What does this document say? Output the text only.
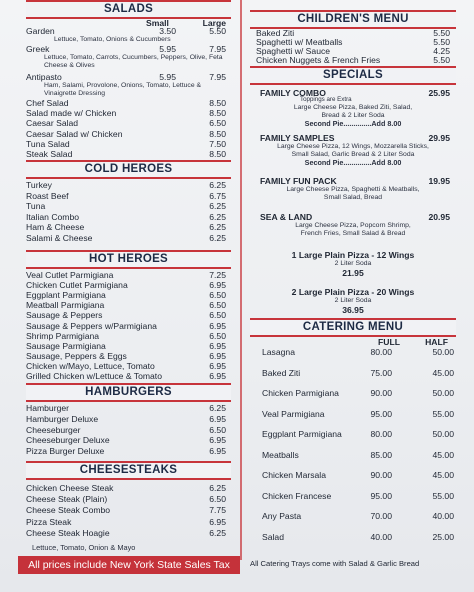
SALADS
Small	Large
Garden	3.50	5.50
Lettuce, Tomato, Onions & Cucumbers
Greek	5.95	7.95
Lettuce, Tomato, Carrots, Cucumbers, Peppers, Olive, Feta Cheese & Olives
Antipasto	5.95	7.95
Ham, Salami, Provolone, Onions, Tomato, Lettuce & Vinaigrette Dressing
Chef Salad	8.50
Salad made w/ Chicken	8.50
Caesar Salad	6.50
Caesar Salad w/ Chicken	8.50
Tuna Salad	7.50
Steak Salad	8.50
COLD HEROES
Turkey	6.25
Roast Beef	6.75
Tuna	6.25
Italian Combo	6.25
Ham & Cheese	6.25
Salami & Cheese	6.25
HOT HEROES
Veal Cutlet Parmigiana	7.25
Chicken Cutlet Parmigiana	6.95
Eggplant Parmigiana	6.50
Meatball Parmigiana	6.50
Sausage & Peppers	6.50
Sausage & Peppers w/Parmigiana	6.95
Shrimp Parmigiana	6.50
Sausage Parmigiana	6.95
Sausage, Peppers & Eggs	6.95
Chicken w/Mayo, Lettuce, Tomato	6.95
Grilled Chicken w/Lettuce & Tomato	6.95
HAMBURGERS
Hamburger	6.25
Hamburger Deluxe	6.95
Cheeseburger	6.50
Cheeseburger Deluxe	6.95
Pizza Burger Deluxe	6.95
CHEESESTEAKS
Chicken Cheese Steak	6.25
Cheese Steak (Plain)	6.50
Cheese Steak Combo	7.75
Pizza Steak	6.95
Cheese Steak Hoagie	6.25
Lettuce, Tomato, Onion & Mayo
All prices include New York State Sales Tax
CHILDREN'S MENU
Baked Ziti	5.50
Spaghetti w/ Meatballs	5.50
Spaghetti w/ Sauce	4.25
Chicken Nuggets & French Fries	5.50
SPECIALS
FAMILY COMBO	25.95
Toppings are Extra
Large Cheese Pizza, Baked Ziti, Salad,
Bread & 2 Liter Soda
Second Pie..............Add 8.00
FAMILY SAMPLES	29.95
Large Cheese Pizza, 12 Wings, Mozzarella Sticks,
Small Salad, Garlic Bread & 2 Liter Soda
Second Pie..............Add 8.00
FAMILY FUN PACK	19.95
Large Cheese Pizza, Spaghetti & Meatballs,
Small Salad, Bread
SEA & LAND	20.95
Large Cheese Pizza, Popcorn Shrimp,
French Fries, Small Salad & Bread
1 Large Plain Pizza - 12 Wings
2 Liter Soda
21.95
2 Large Plain Pizza - 20 Wings
2 Liter Soda
36.95
CATERING MENU
FULL	HALF
Lasagna	80.00	50.00
Baked Ziti	75.00	45.00
Chicken Parmigiana	90.00	50.00
Veal Parmigiana	95.00	55.00
Eggplant Parmigiana	80.00	50.00
Meatballs	85.00	45.00
Chicken Marsala	90.00	45.00
Chicken Francese	95.00	55.00
Any Pasta	70.00	40.00
Salad	40.00	25.00
All Catering Trays come with Salad & Garlic Bread
